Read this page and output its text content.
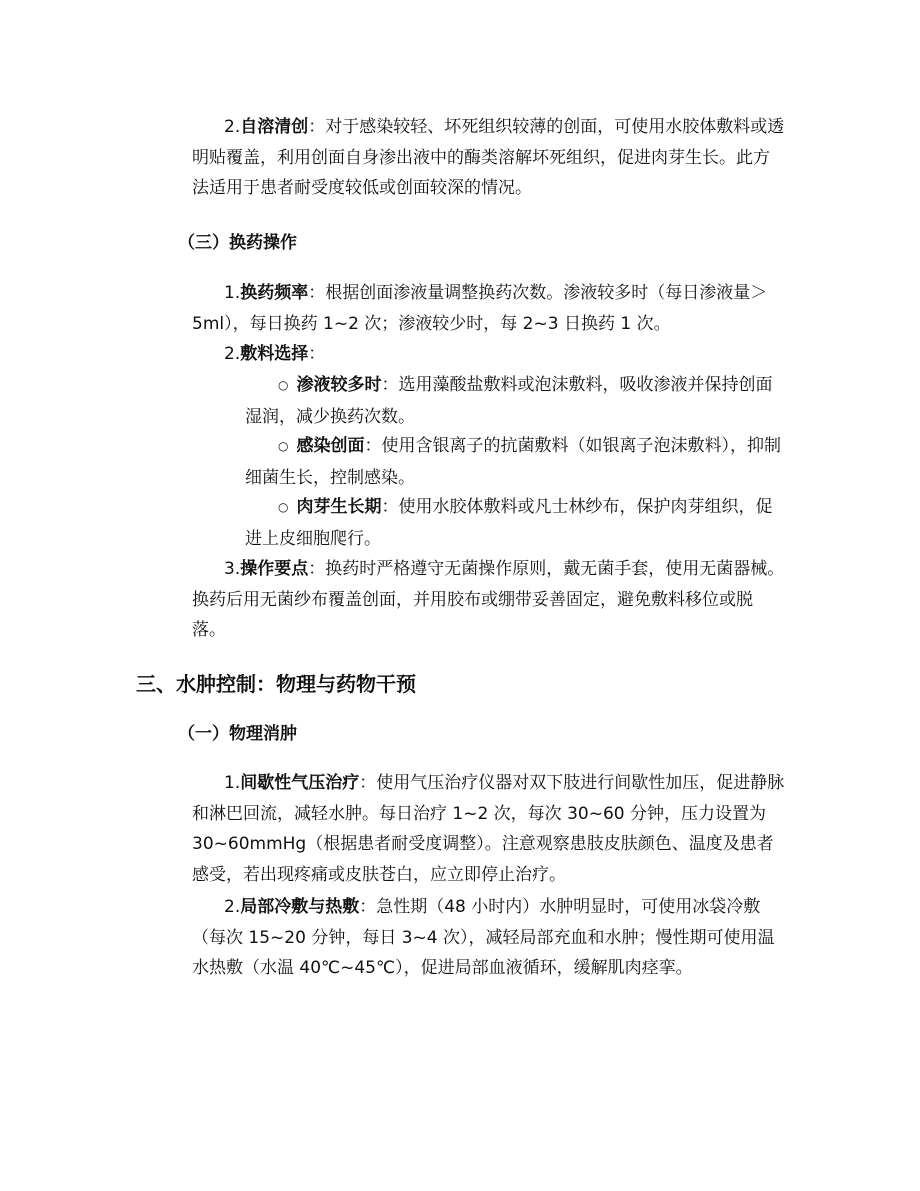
2.自溶清创：对于感染较轻、坏死组织较薄的创面，可使用水胶体敷料或透明贴覆盖，利用创面自身渗出液中的酶类溶解坏死组织，促进肉芽生长。此方法适用于患者耐受度较低或创面较深的情况。

（三）换药操作

1.换药频率：根据创面渗液量调整换药次数。渗液较多时（每日渗液量＞5ml），每日换药 1~2 次；渗液较少时，每 2~3 日换药 1 次。

2.敷料选择：

○ 渗液较多时：选用藻酸盐敷料或泡沫敷料，吸收渗液并保持创面湿润，减少换药次数。

○ 感染创面：使用含银离子的抗菌敷料（如银离子泡沫敷料），抑制细菌生长，控制感染。

○ 肉芽生长期：使用水胶体敷料或凡士林纱布，保护肉芽组织，促进上皮细胞爬行。

3.操作要点：换药时严格遵守无菌操作原则，戴无菌手套，使用无菌器械。换药后用无菌纱布覆盖创面，并用胶布或绷带妥善固定，避免敷料移位或脱落。

三、水肿控制：物理与药物干预
（一）物理消肿

1.间歇性气压治疗：使用气压治疗仪器对双下肢进行间歇性加压，促进静脉和淋巴回流，减轻水肿。每日治疗 1~2 次，每次 30~60 分钟，压力设置为 30~60mmHg（根据患者耐受度调整）。注意观察患肢皮肤颜色、温度及患者感受，若出现疼痛或皮肤苍白，应立即停止治疗。

2.局部冷敷与热敷：急性期（48 小时内）水肿明显时，可使用冰袋冷敷（每次 15~20 分钟，每日 3~4 次），减轻局部充血和水肿；慢性期可使用温水热敷（水温 40℃~45℃），促进局部血液循环，缓解肌肉痉挛。
